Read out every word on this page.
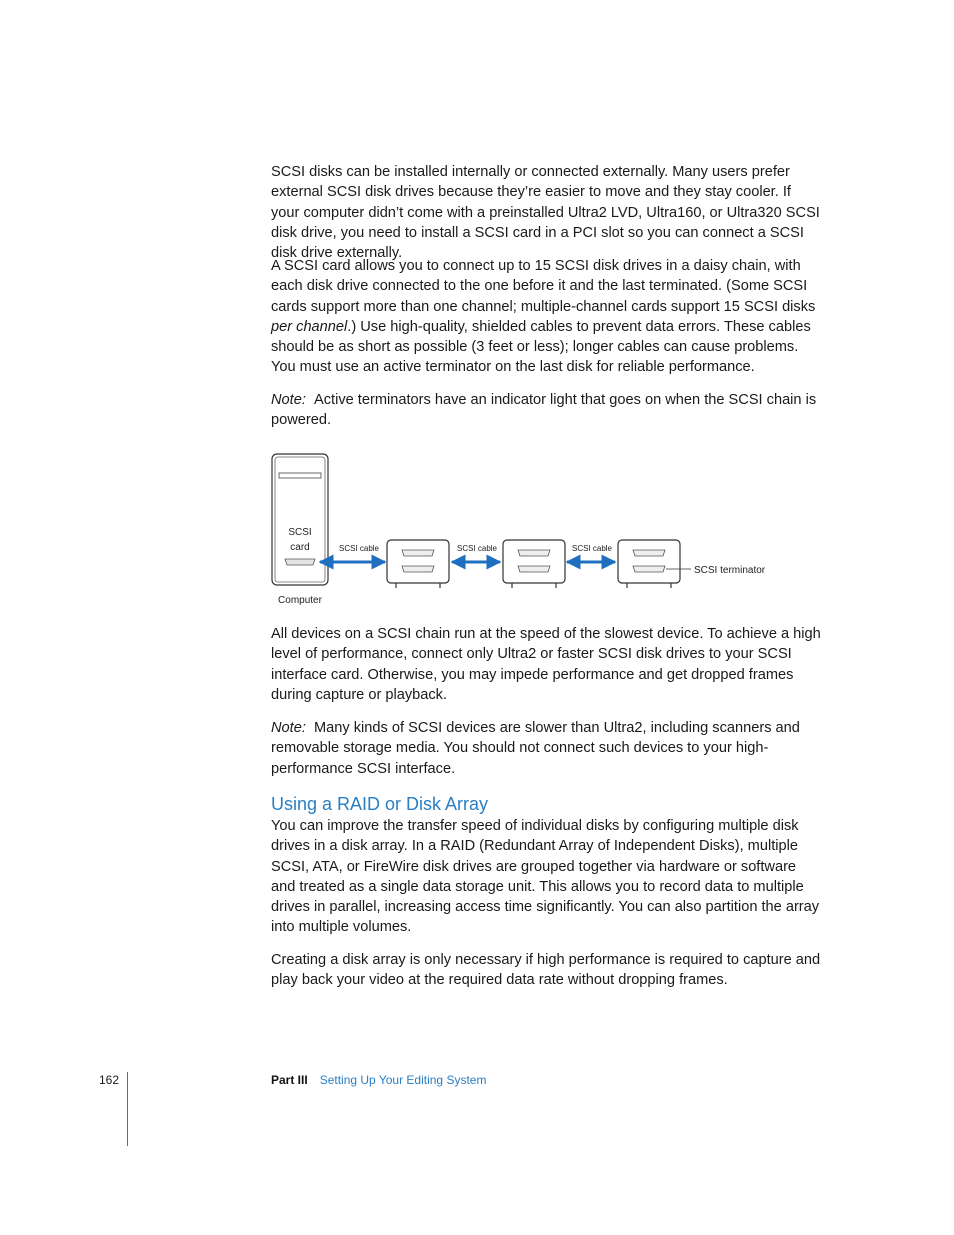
SCSI disks can be installed internally or connected externally. Many users prefer external SCSI disk drives because they’re easier to move and they stay cooler. If your computer didn’t come with a preinstalled Ultra2 LVD, Ultra160, or Ultra320 SCSI disk drive, you need to install a SCSI card in a PCI slot so you can connect a SCSI disk drive externally.

A SCSI card allows you to connect up to 15 SCSI disk drives in a daisy chain, with each disk drive connected to the one before it and the last terminated. (Some SCSI cards support more than one channel; multiple-channel cards support 15 SCSI disks per channel.) Use high-quality, shielded cables to prevent data errors. These cables should be as short as possible (3 feet or less); longer cables can cause problems. You must use an active terminator on the last disk for reliable performance.

Note: Active terminators have an indicator light that goes on when the SCSI chain is powered.

SCSI
card
Computer
SCSI cable	SCSI cable	SCSI cable
SCSI terminator

All devices on a SCSI chain run at the speed of the slowest device. To achieve a high level of performance, connect only Ultra2 or faster SCSI disk drives to your SCSI interface card. Otherwise, you may impede performance and get dropped frames during capture or playback.

Note: Many kinds of SCSI devices are slower than Ultra2, including scanners and removable storage media. You should not connect such devices to your high-performance SCSI interface.

Using a RAID or Disk Array

You can improve the transfer speed of individual disks by configuring multiple disk drives in a disk array. In a RAID (Redundant Array of Independent Disks), multiple SCSI, ATA, or FireWire disk drives are grouped together via hardware or software and treated as a single data storage unit. This allows you to record data to multiple drives in parallel, increasing access time significantly. You can also partition the array into multiple volumes.

Creating a disk array is only necessary if high performance is required to capture and play back your video at the required data rate without dropping frames.

162	Part III Setting Up Your Editing System
